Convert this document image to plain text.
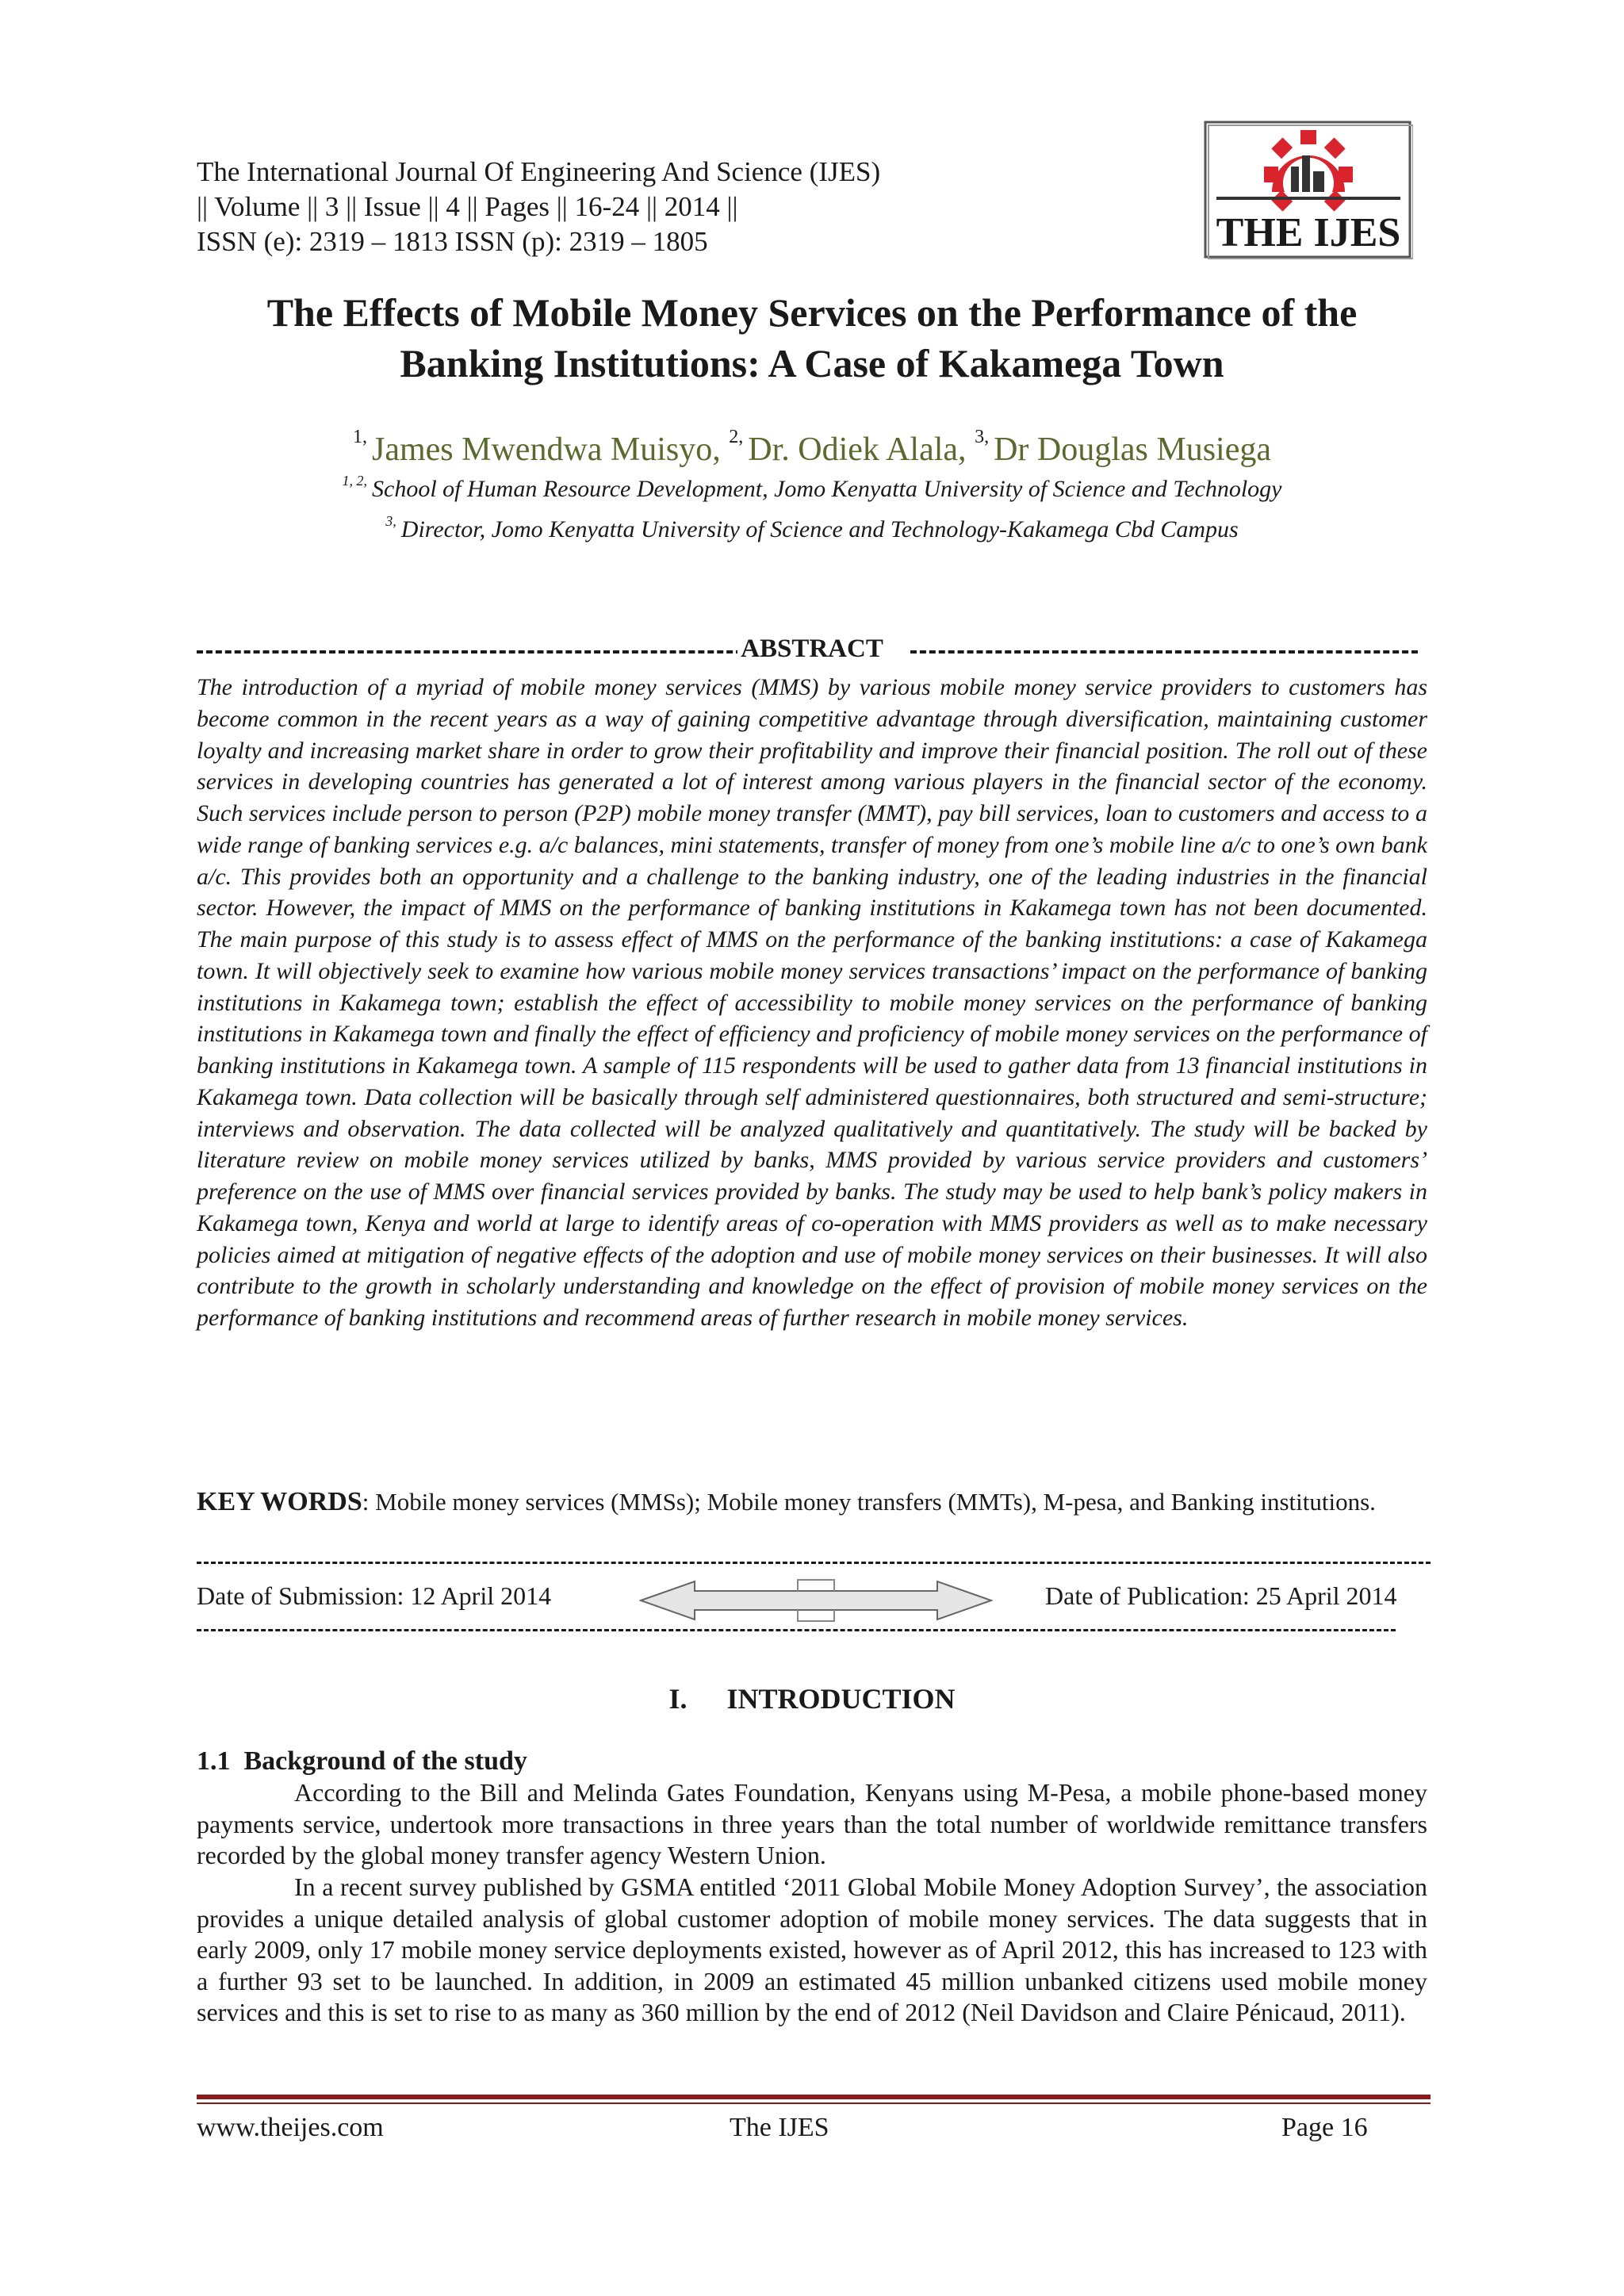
The International Journal Of Engineering And Science (IJES)
|| Volume || 3 || Issue || 4 || Pages || 16-24 || 2014 ||
ISSN (e): 2319 – 1813 ISSN (p): 2319 – 1805	THE IJES
The Effects of Mobile Money Services on the Performance of the
Banking Institutions: A Case of Kakamega Town
$^{1,}$ James Mwendwa Muisyo, $^{2,}$ Dr. Odiek Alala, $^{3,}$ Dr Douglas Musiega
$^{1, 2,}$ School of Human Resource Development, Jomo Kenyatta University of Science and Technology
$^{3,}$ Director, Jomo Kenyatta University of Science and Technology-Kakamega Cbd Campus
ABSTRACT
The introduction of a myriad of mobile money services (MMS) by various mobile money service providers to customers has become common in the recent years as a way of gaining competitive advantage through diversification, maintaining customer loyalty and increasing market share in order to grow their profitability and improve their financial position. The roll out of these services in developing countries has generated a lot of interest among various players in the financial sector of the economy. Such services include person to person (P2P) mobile money transfer (MMT), pay bill services, loan to customers and access to a wide range of banking services e.g. a/c balances, mini statements, transfer of money from one’s mobile line a/c to one’s own bank a/c. This provides both an opportunity and a challenge to the banking industry, one of the leading industries in the financial sector. However, the impact of MMS on the performance of banking institutions in Kakamega town has not been documented. The main purpose of this study is to assess effect of MMS on the performance of the banking institutions: a case of Kakamega town. It will objectively seek to examine how various mobile money services transactions’ impact on the performance of banking institutions in Kakamega town; establish the effect of accessibility to mobile money services on the performance of banking institutions in Kakamega town and finally the effect of efficiency and proficiency of mobile money services on the performance of banking institutions in Kakamega town. A sample of 115 respondents will be used to gather data from 13 financial institutions in Kakamega town. Data collection will be basically through self administered questionnaires, both structured and semi-structure; interviews and observation. The data collected will be analyzed qualitatively and quantitatively. The study will be backed by literature review on mobile money services utilized by banks, MMS provided by various service providers and customers’ preference on the use of MMS over financial services provided by banks. The study may be used to help bank’s policy makers in Kakamega town, Kenya and world at large to identify areas of co-operation with MMS providers as well as to make necessary policies aimed at mitigation of negative effects of the adoption and use of mobile money services on their businesses. It will also contribute to the growth in scholarly understanding and knowledge on the effect of provision of mobile money services on the performance of banking institutions and recommend areas of further research in mobile money services.
KEY WORDS: Mobile money services (MMSs); Mobile money transfers (MMTs), M-pesa, and Banking institutions.
Date of Submission: 12 April 2014	Date of Publication: 25 April 2014
I. INTRODUCTION
1.1 Background of the study

According to the Bill and Melinda Gates Foundation, Kenyans using M-Pesa, a mobile phone-based money payments service, undertook more transactions in three years than the total number of worldwide remittance transfers recorded by the global money transfer agency Western Union.

In a recent survey published by GSMA entitled ‘2011 Global Mobile Money Adoption Survey’, the association provides a unique detailed analysis of global customer adoption of mobile money services. The data suggests that in early 2009, only 17 mobile money service deployments existed, however as of April 2012, this has increased to 123 with a further 93 set to be launched. In addition, in 2009 an estimated 45 million unbanked citizens used mobile money services and this is set to rise to as many as 360 million by the end of 2012 (Neil Davidson and Claire Pénicaud, 2011).

www.theijes.com	The IJES	Page 16
